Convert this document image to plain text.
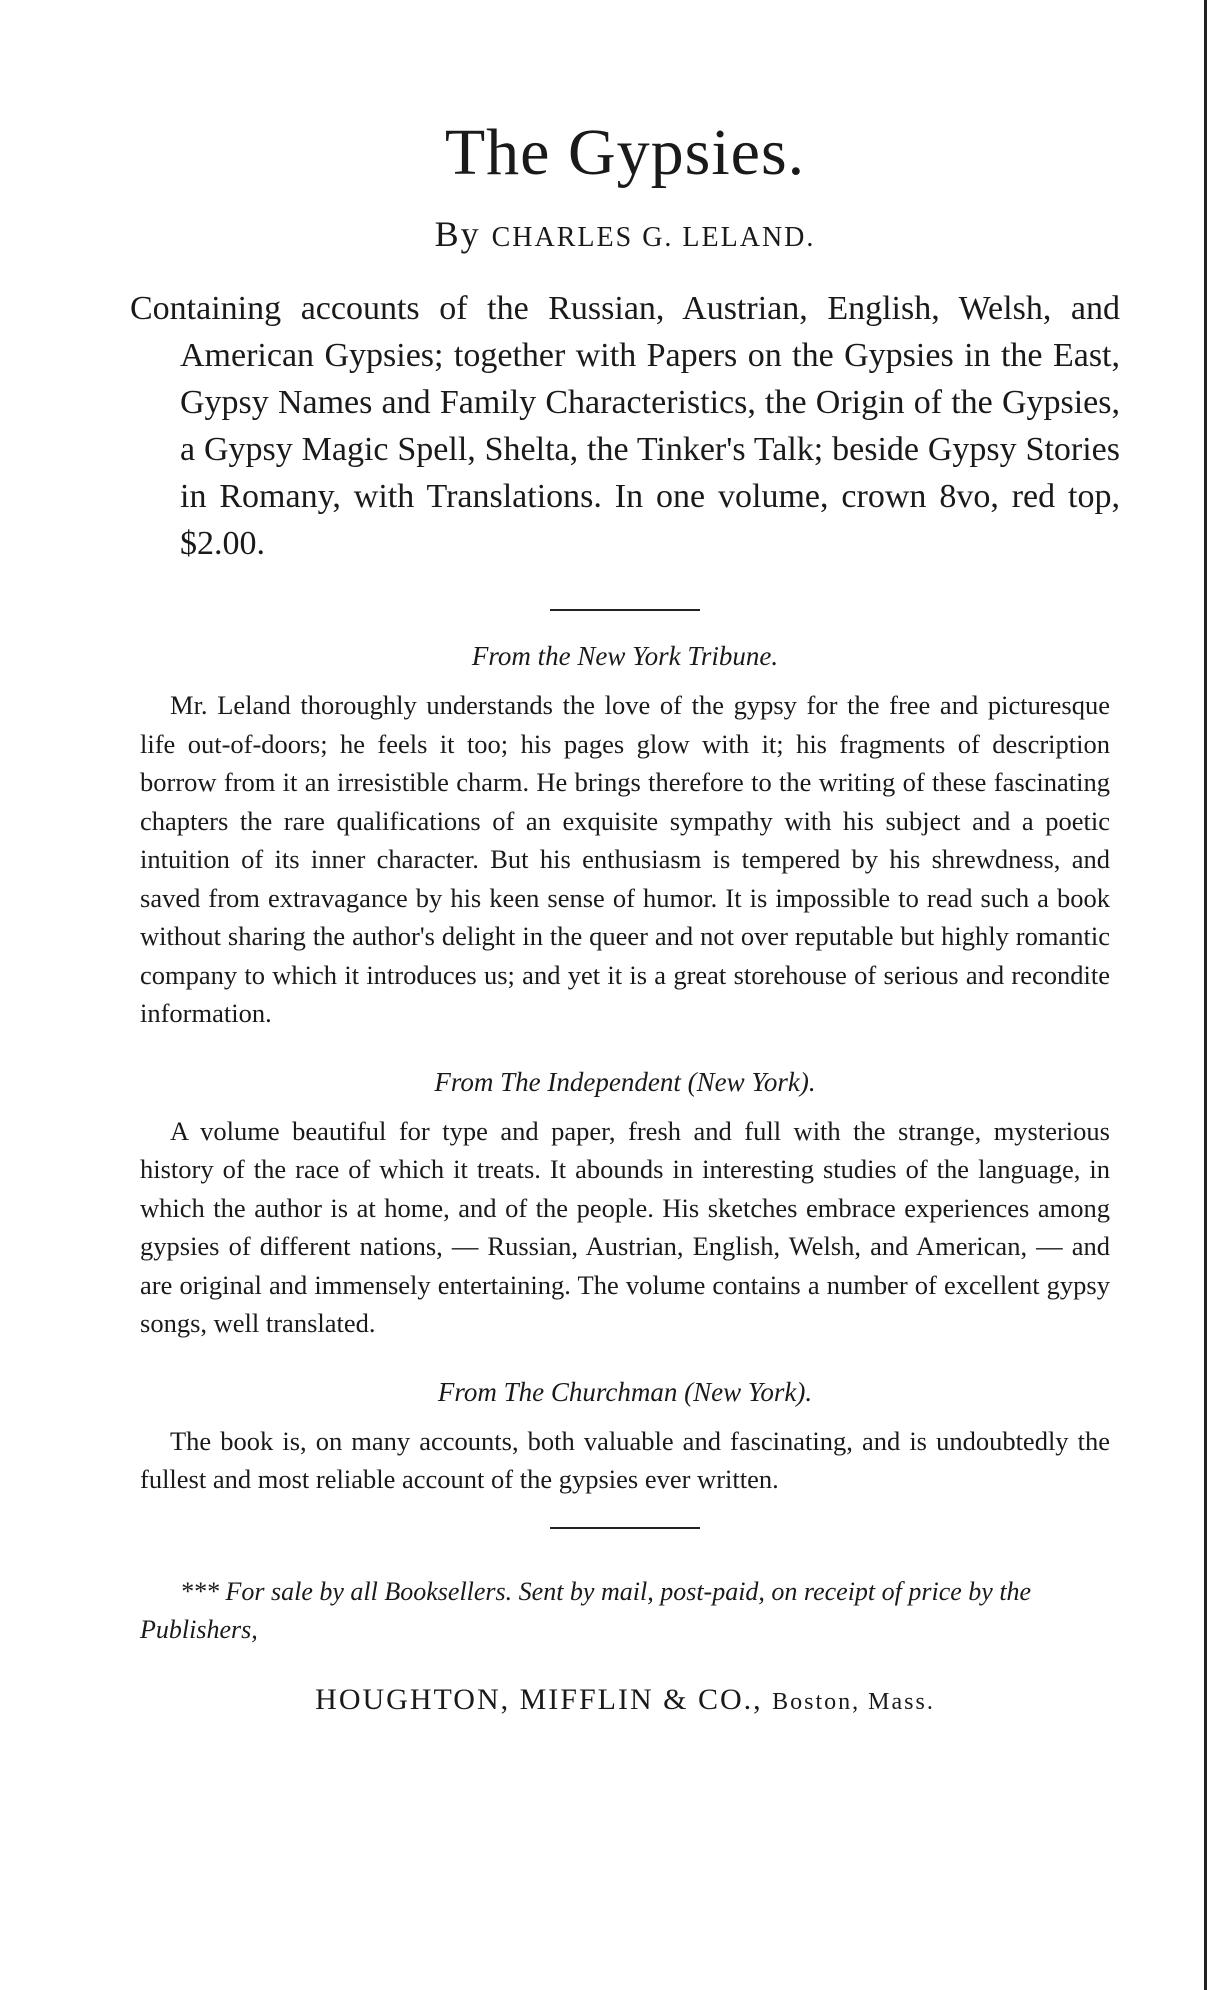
The Gypsies.
By CHARLES G. LELAND.

Containing accounts of the Russian, Austrian, English, Welsh, and American Gypsies; together with Papers on the Gypsies in the East, Gypsy Names and Family Characteristics, the Origin of the Gypsies, a Gypsy Magic Spell, Shelta, the Tinker's Talk; beside Gypsy Stories in Romany, with Translations. In one volume, crown 8vo, red top, $2.00.

From the New York Tribune.

Mr. Leland thoroughly understands the love of the gypsy for the free and picturesque life out-of-doors; he feels it too; his pages glow with it; his fragments of description borrow from it an irresistible charm. He brings therefore to the writing of these fascinating chapters the rare qualifications of an exquisite sympathy with his subject and a poetic intuition of its inner character. But his enthusiasm is tempered by his shrewdness, and saved from extravagance by his keen sense of humor. It is impossible to read such a book without sharing the author's delight in the queer and not over reputable but highly romantic company to which it introduces us; and yet it is a great storehouse of serious and recondite information.

From The Independent (New York).

A volume beautiful for type and paper, fresh and full with the strange, mysterious history of the race of which it treats. It abounds in interesting studies of the language, in which the author is at home, and of the people. His sketches embrace experiences among gypsies of different nations, — Russian, Austrian, English, Welsh, and American, — and are original and immensely entertaining. The volume contains a number of excellent gypsy songs, well translated.

From The Churchman (New York).

The book is, on many accounts, both valuable and fascinating, and is undoubtedly the fullest and most reliable account of the gypsies ever written.

*** For sale by all Booksellers. Sent by mail, post-paid, on receipt of price by the Publishers,

HOUGHTON, MIFFLIN & CO., Boston, Mass.
